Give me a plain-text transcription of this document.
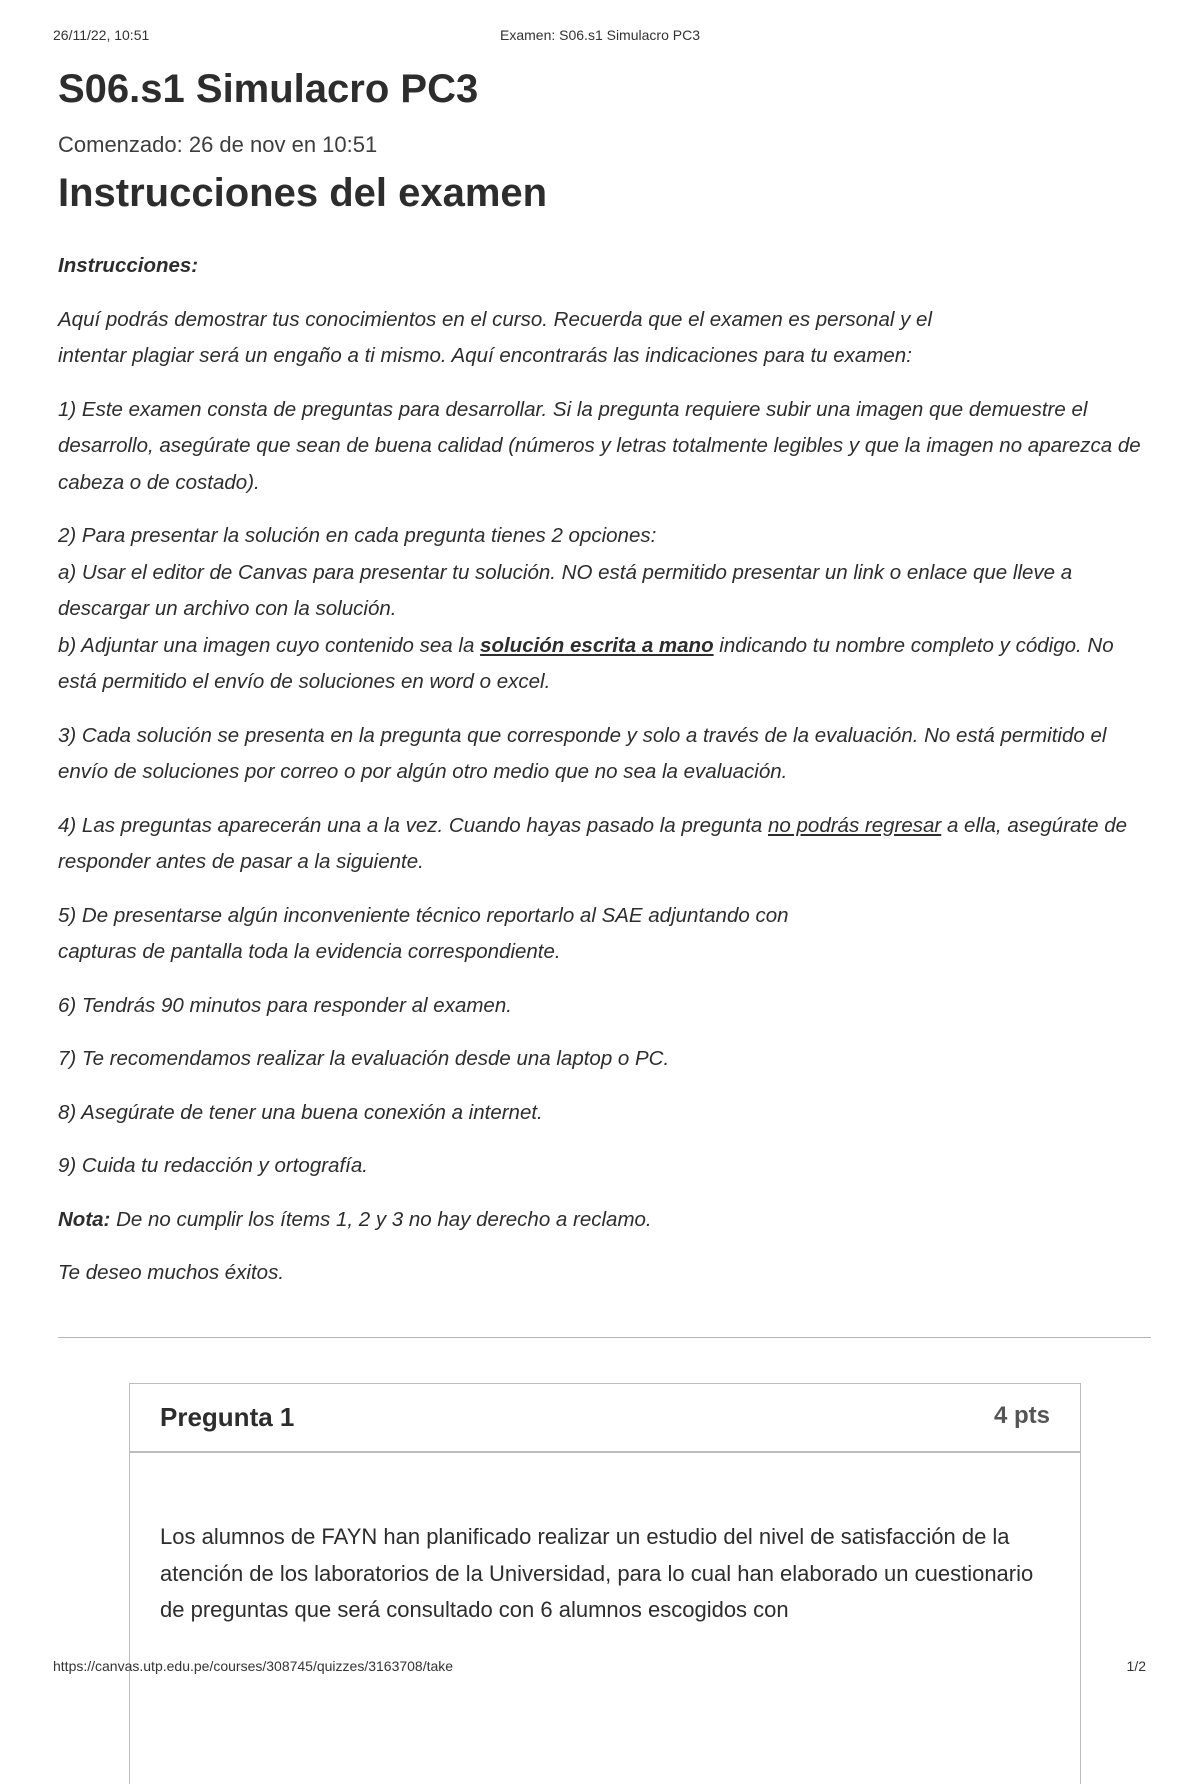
26/11/22, 10:51	Examen: S06.s1 Simulacro PC3
S06.s1 Simulacro PC3
Comenzado: 26 de nov en 10:51
Instrucciones del examen

Instrucciones:

Aquí podrás demostrar tus conocimientos en el curso. Recuerda que el examen es personal y el
intentar plagiar será un engaño a ti mismo. Aquí encontrarás las indicaciones para tu examen:

1) Este examen consta de preguntas para desarrollar. Si la pregunta requiere subir una imagen que demuestre el desarrollo, asegúrate que sean de buena calidad (números y letras totalmente legibles y que la imagen no aparezca de cabeza o de costado).

2) Para presentar la solución en cada pregunta tienes 2 opciones:
a) Usar el editor de Canvas para presentar tu solución. NO está permitido presentar un link o enlace que lleve a descargar un archivo con la solución.
b) Adjuntar una imagen cuyo contenido sea la solución escrita a mano indicando tu nombre completo y código. No está permitido el envío de soluciones en word o excel.

3) Cada solución se presenta en la pregunta que corresponde y solo a través de la evaluación. No está permitido el envío de soluciones por correo o por algún otro medio que no sea la evaluación.

4) Las preguntas aparecerán una a la vez. Cuando hayas pasado la pregunta no podrás regresar a ella, asegúrate de responder antes de pasar a la siguiente.

5) De presentarse algún inconveniente técnico reportarlo al SAE adjuntando con
capturas de pantalla toda la evidencia correspondiente.

6) Tendrás 90 minutos para responder al examen.

7) Te recomendamos realizar la evaluación desde una laptop o PC.

8) Asegúrate de tener una buena conexión a internet.

9) Cuida tu redacción y ortografía.

Nota: De no cumplir los ítems 1, 2 y 3 no hay derecho a reclamo.

Te deseo muchos éxitos.

Pregunta 1	4 pts
Los alumnos de FAYN han planificado realizar un estudio del nivel de satisfacción de la atención de los laboratorios de la Universidad, para lo cual han elaborado un cuestionario de preguntas que será consultado con 6 alumnos escogidos con
https://canvas.utp.edu.pe/courses/308745/quizzes/3163708/take	1/2
